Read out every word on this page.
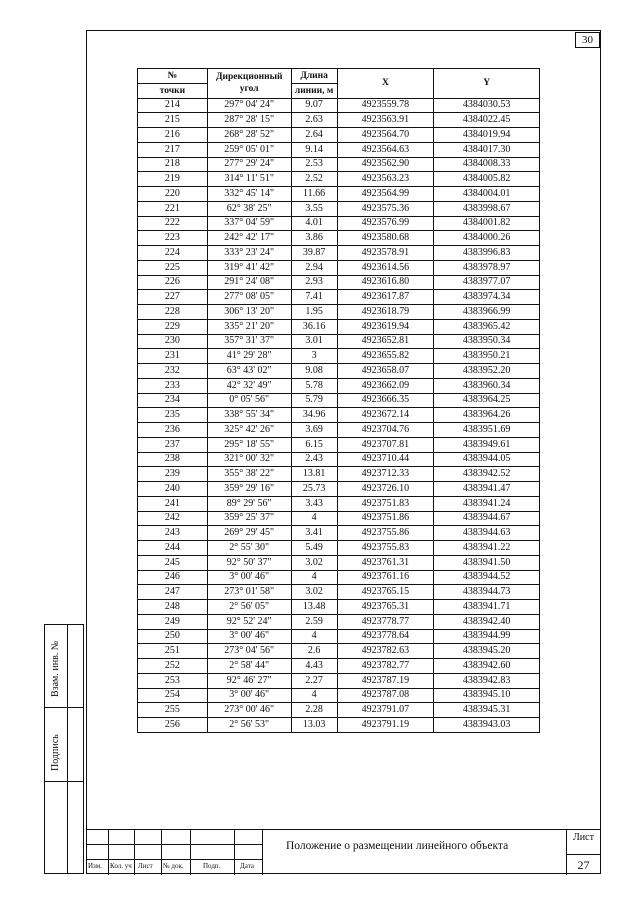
30
Взам. инв. №
Подпись
№	Дирекционный угол	Длина	X	Y
точки		линии, м		
214	297° 04' 24"	9.07	4923559.78	4384030.53
215	287° 28' 15"	2.63	4923563.91	4384022.45
216	268° 28' 52"	2.64	4923564.70	4384019.94
217	259° 05' 01"	9.14	4923564.63	4384017.30
218	277° 29' 24"	2.53	4923562.90	4384008.33
219	314° 11' 51"	2.52	4923563.23	4384005.82
220	332° 45' 14"	11.66	4923564.99	4384004.01
221	62° 38' 25"	3.55	4923575.36	4383998.67
222	337° 04' 59"	4.01	4923576.99	4384001.82
223	242° 42' 17"	3.86	4923580.68	4384000.26
224	333° 23' 24"	39.87	4923578.91	4383996.83
225	319° 41' 42"	2.94	4923614.56	4383978.97
226	291° 24' 08"	2.93	4923616.80	4383977.07
227	277° 08' 05"	7.41	4923617.87	4383974.34
228	306° 13' 20"	1.95	4923618.79	4383966.99
229	335° 21' 20"	36.16	4923619.94	4383965.42
230	357° 31' 37"	3.01	4923652.81	4383950.34
231	41° 29' 28"	3	4923655.82	4383950.21
232	63° 43' 02"	9.08	4923658.07	4383952.20
233	42° 32' 49"	5.78	4923662.09	4383960.34
234	0° 05' 56"	5.79	4923666.35	4383964.25
235	338° 55' 34"	34.96	4923672.14	4383964.26
236	325° 42' 26"	3.69	4923704.76	4383951.69
237	295° 18' 55"	6.15	4923707.81	4383949.61
238	321° 00' 32"	2.43	4923710.44	4383944.05
239	355° 38' 22"	13.81	4923712.33	4383942.52
240	359° 29' 16"	25.73	4923726.10	4383941.47
241	89° 29' 56"	3.43	4923751.83	4383941.24
242	359° 25' 37"	4	4923751.86	4383944.67
243	269° 29' 45"	3.41	4923755.86	4383944.63
244	2° 55' 30"	5.49	4923755.83	4383941.22
245	92° 50' 37"	3.02	4923761.31	4383941.50
246	3° 00' 46"	4	4923761.16	4383944.52
247	273° 01' 58"	3.02	4923765.15	4383944.73
248	2° 56' 05"	13.48	4923765.31	4383941.71
249	92° 52' 24"	2.59	4923778.77	4383942.40
250	3° 00' 46"	4	4923778.64	4383944.99
251	273° 04' 56"	2.6	4923782.63	4383945.20
252	2° 58' 44"	4.43	4923782.77	4383942.60
253	92° 46' 27"	2.27	4923787.19	4383942.83
254	3° 00' 46"	4	4923787.08	4383945.10
255	273° 00' 46"	2.28	4923791.07	4383945.31
256	2° 56' 53"	13.03	4923791.19	4383943.03
Изм. Кол. уч Лист № док.	Подп.	Дата
Положение о размещении линейного объекта
Лист
27
